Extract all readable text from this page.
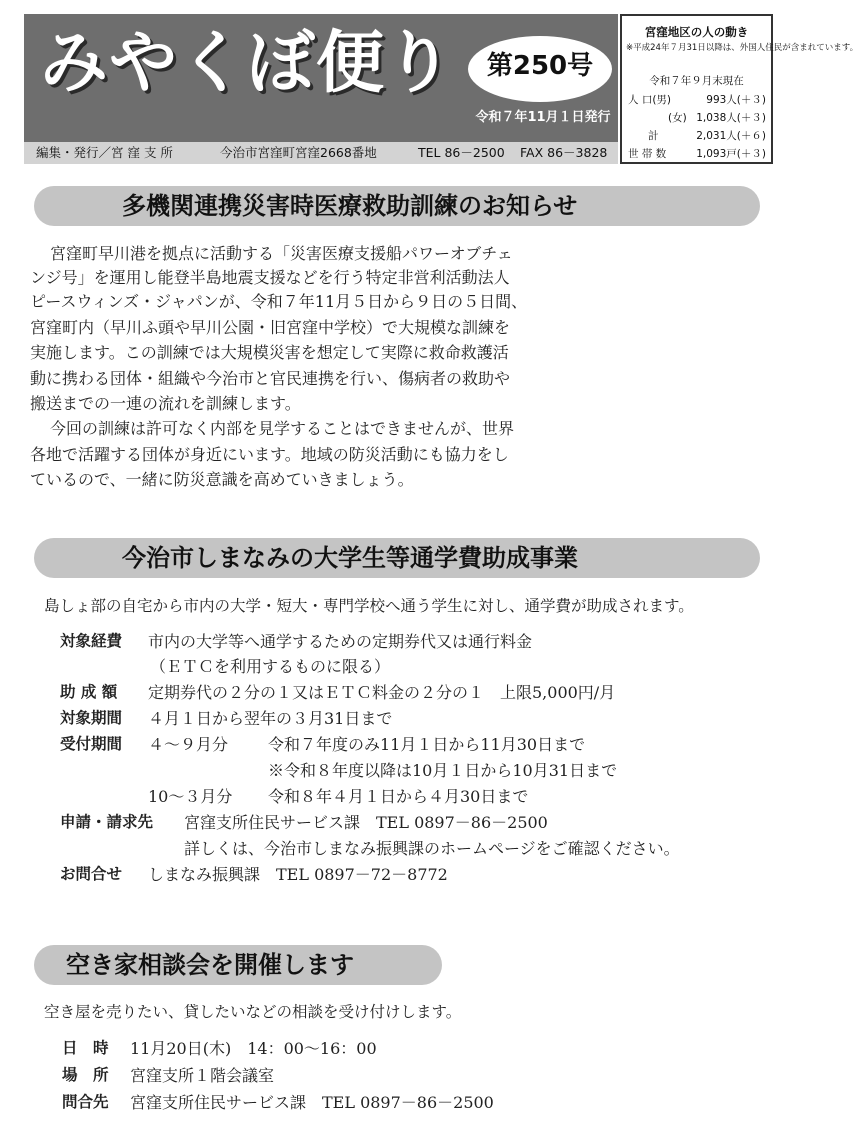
みやくぼ便り	第250号
令和７年11月１日発行
編集・発行／宮 窪 支 所	今治市宮窪町宮窪2668番地	TEL 86－2500 FAX 86－3828
宮窪地区の人の動き
※平成24年７月31日以降は、外国人住民が含まれています。
令和７年９月末現在
人 口(男)	993人(＋３)
(女) 1,038人(＋３)
計	2,031人(＋６)
世 帯 数	1,093戸(＋３)
多機関連携災害時医療救助訓練のお知らせ
宮窪町早川港を拠点に活動する「災害医療支援船パワーオブチェ
ンジ号」を運用し能登半島地震支援などを行う特定非営利活動法人
ピースウィンズ・ジャパンが、令和７年11月５日から９日の５日間、
宮窪町内（早川ふ頭や早川公園・旧宮窪中学校）で大規模な訓練を
実施します。この訓練では大規模災害を想定して実際に救命救護活
動に携わる団体・組織や今治市と官民連携を行い、傷病者の救助や
搬送までの一連の流れを訓練します。
今回の訓練は許可なく内部を見学することはできませんが、世界
各地で活躍する団体が身近にいます。地域の防災活動にも協力をし
ているので、一緒に防災意識を高めていきましょう。
今治市しまなみの大学生等通学費助成事業
島しょ部の自宅から市内の大学・短大・専門学校へ通う学生に対し、通学費が助成されます。
対象経費 市内の大学等へ通学するための定期券代又は通行料金
（ＥＴＣを利用するものに限る）
助 成 額 定期券代の２分の１又はＥＴＣ料金の２分の１　上限5,000円/月
対象期間 ４月１日から翌年の３月31日まで
受付期間 ４～９月分 令和７年度のみ11月１日から11月30日まで
※令和８年度以降は10月１日から10月31日まで
10～３月分 令和８年４月１日から４月30日まで
申請・請求先 宮窪支所住民サービス課　TEL 0897－86－2500
詳しくは、今治市しまなみ振興課のホームページをご確認ください。
お問合せ しまなみ振興課　TEL 0897－72－8772
空き家相談会を開催します
空き屋を売りたい、貸したいなどの相談を受け付けします。
日　時 11月20日(木)　14：00～16：00
場　所 宮窪支所１階会議室
問合先 宮窪支所住民サービス課　TEL 0897－86－2500
